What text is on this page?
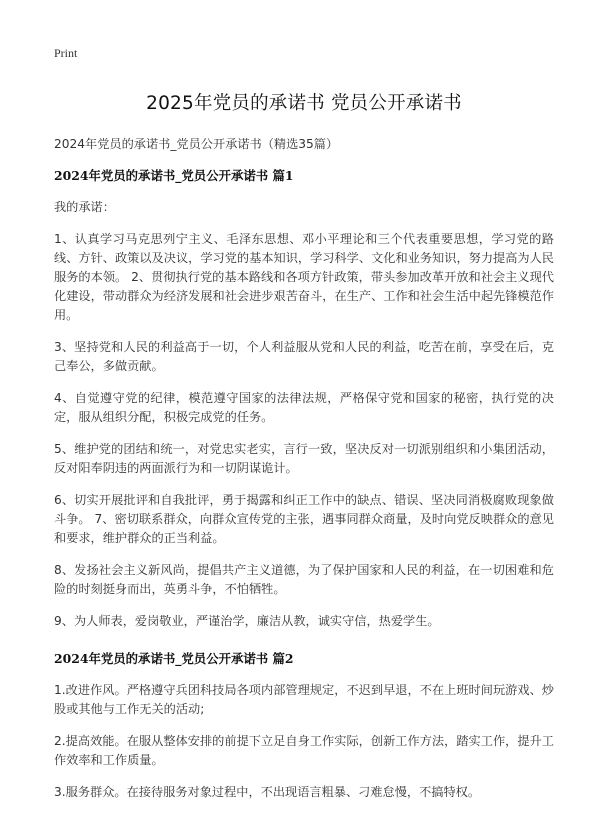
Print
2025年党员的承诺书 党员公开承诺书

2024年党员的承诺书_党员公开承诺书（精选35篇）

2024年党员的承诺书_党员公开承诺书 篇1

我的承诺：

1、认真学习马克思列宁主义、毛泽东思想、邓小平理论和三个代表重要思想，学习党的路线、方针、政策以及决议，学习党的基本知识，学习科学、文化和业务知识，努力提高为人民服务的本领。 2、贯彻执行党的基本路线和各项方针政策，带头参加改革开放和社会主义现代化建设，带动群众为经济发展和社会进步艰苦奋斗，在生产、工作和社会生活中起先锋模范作用。

3、坚持党和人民的利益高于一切，个人利益服从党和人民的利益，吃苦在前，享受在后，克己奉公，多做贡献。

4、自觉遵守党的纪律，模范遵守国家的法律法规，严格保守党和国家的秘密，执行党的决定，服从组织分配，积极完成党的任务。

5、维护党的团结和统一，对党忠实老实，言行一致，坚决反对一切派别组织和小集团活动，反对阳奉阴违的两面派行为和一切阴谋诡计。

6、切实开展批评和自我批评，勇于揭露和纠正工作中的缺点、错误、坚决同消极腐败现象做斗争。 7、密切联系群众，向群众宣传党的主张，遇事同群众商量，及时向党反映群众的意见和要求，维护群众的正当利益。

8、发扬社会主义新风尚，提倡共产主义道德，为了保护国家和人民的利益，在一切困难和危险的时刻挺身而出，英勇斗争，不怕牺牲。

9、为人师表，爱岗敬业，严谨治学，廉洁从教，诚实守信，热爱学生。

2024年党员的承诺书_党员公开承诺书 篇2

1.改进作风。严格遵守兵团科技局各项内部管理规定，不迟到早退，不在上班时间玩游戏、炒股或其他与工作无关的活动;

2.提高效能。在服从整体安排的前提下立足自身工作实际，创新工作方法，踏实工作，提升工作效率和工作质量。

3.服务群众。在接待服务对象过程中，不出现语言粗暴、刁难怠慢，不搞特权。
